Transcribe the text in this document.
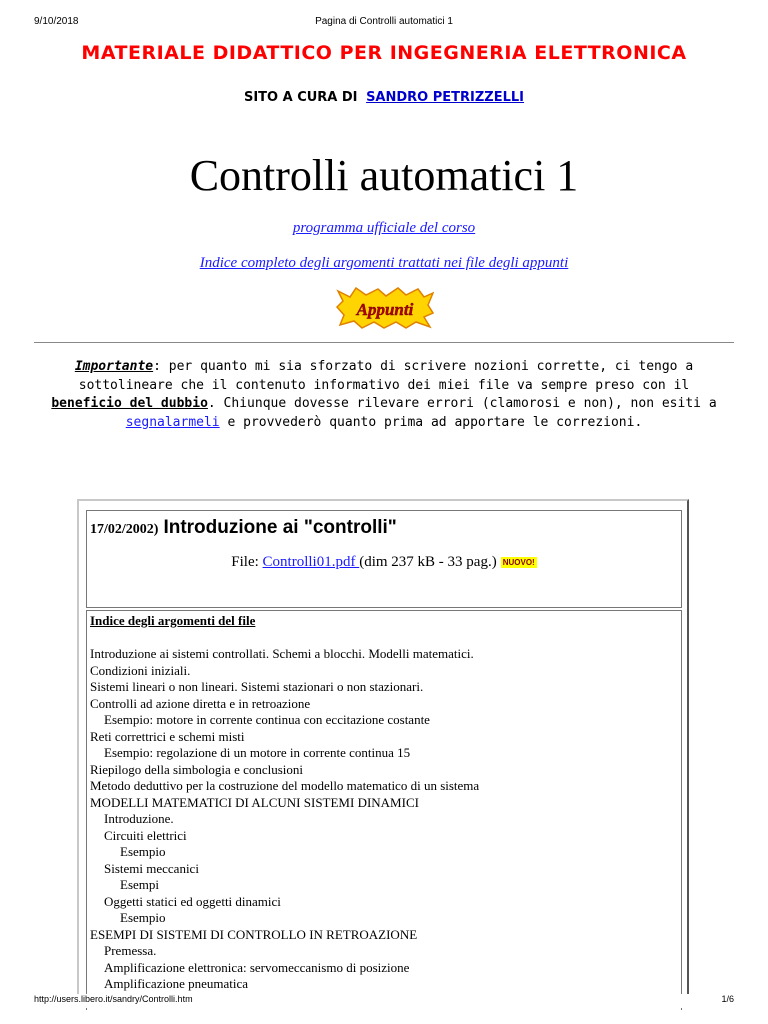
9/10/2018	Pagina di Controlli automatici 1
MATERIALE DIDATTICO PER INGEGNERIA ELETTRONICA
SITO A CURA DI SANDRO PETRIZZELLI
Controlli automatici 1
programma ufficiale del corso
Indice completo degli argomenti trattati nei file degli appunti
Appunti
Importante: per quanto mi sia sforzato di scrivere nozioni corrette, ci tengo a sottolineare che il contenuto informativo dei miei file va sempre preso con il beneficio del dubbio. Chiunque dovesse rilevare errori (clamorosi e non), non esiti a segnalarmeli e provvederò quanto prima ad apportare le correzioni.
17/02/2002) Introduzione ai "controlli"
File: Controlli01.pdf (dim 237 kB - 33 pag.) NUOVO!
Indice degli argomenti del file
Introduzione ai sistemi controllati. Schemi a blocchi. Modelli matematici.
Condizioni iniziali.
Sistemi lineari o non lineari. Sistemi stazionari o non stazionari.
Controlli ad azione diretta e in retroazione
Esempio: motore in corrente continua con eccitazione costante
Reti correttrici e schemi misti
Esempio: regolazione di un motore in corrente continua 15
Riepilogo della simbologia e conclusioni
Metodo deduttivo per la costruzione del modello matematico di un sistema
MODELLI MATEMATICI DI ALCUNI SISTEMI DINAMICI
Introduzione.
Circuiti elettrici
Esempio
Sistemi meccanici
Esempi
Oggetti statici ed oggetti dinamici
Esempio
ESEMPI DI SISTEMI DI CONTROLLO IN RETROAZIONE
Premessa.
Amplificazione elettronica: servomeccanismo di posizione
Amplificazione pneumatica
http://users.libero.it/sandry/Controlli.htm	1/6
